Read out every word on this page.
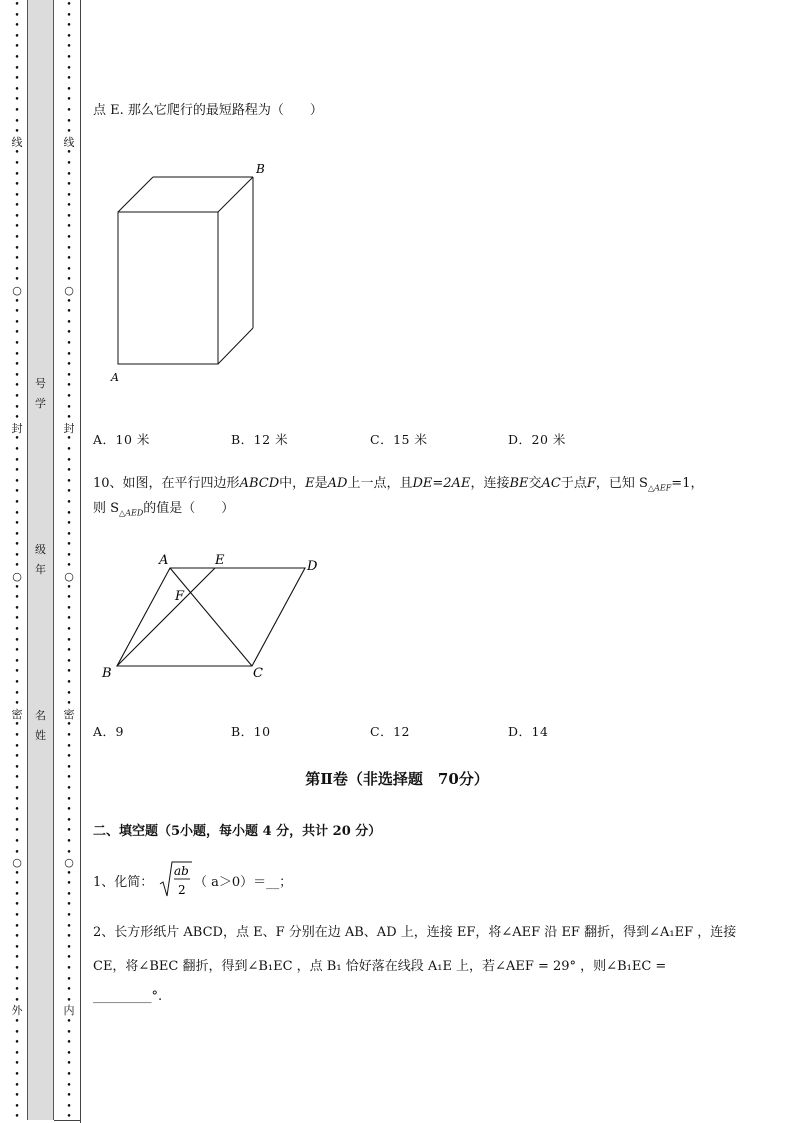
•
•
•
•
•
•
•
•
•
•
•
•
•
线
•
•
•
•
•
•
•
•
•
•
•
•
•
○
•
•
•
•
•
•
•
•
•
•
•
•
封
•
•
•
•
•
•
•
•
•
•
•
•
•
○
•
•
•
•
•
•
•
•
•
•
•
•
密
•
•
•
•
•
•
•
•
•
•
•
•
•
○
•
•
•
•
•
•
•
•
•
•
•
•
•
外
•
•
•
•
•
•
•
•
•
•
号
学
级
年
名
姓
•
•
•
•
•
•
•
•
•
•
•
•
•
线
•
•
•
•
•
•
•
•
•
•
•
•
•
○
•
•
•
•
•
•
•
•
•
•
•
•
封
•
•
•
•
•
•
•
•
•
•
•
•
•
○
•
•
•
•
•
•
•
•
•
•
•
•
密
•
•
•
•
•
•
•
•
•
•
•
•
•
○
•
•
•
•
•
•
•
•
•
•
•
•
•
内
•
•
•
•
•
•
•
•
•
•
点 E. 那么它爬行的最短路程为（　　）
B
A
A．10 米	B．12 米	C．15 米	D．20 米
10、如图，在平行四边形ABCD中，E是AD上一点，且DE=2AE，连接BE交AC于点F，已知 $S_{\triangle AEF}=1$，
则 $S_{\triangle AED}$的值是（　　）
A	E	D
F
B	C
A．9	B．10	C．12	D．14
第Ⅱ卷（非选择题　70分）
二、填空题（5小题，每小题 4 分，共计 20 分）
1、化简：
ab
2 （ a＞0）＝__；
2、长方形纸片 ABCD，点 E、F 分别在边 AB、AD 上，连接 EF，将∠AEF 沿 EF 翻折，得到∠A₁EF ，连接
CE，将∠BEC 翻折，得到∠B₁EC ，点 B₁ 恰好落在线段 A₁E 上，若∠AEF = 29° ，则∠B₁EC =
_________°.
